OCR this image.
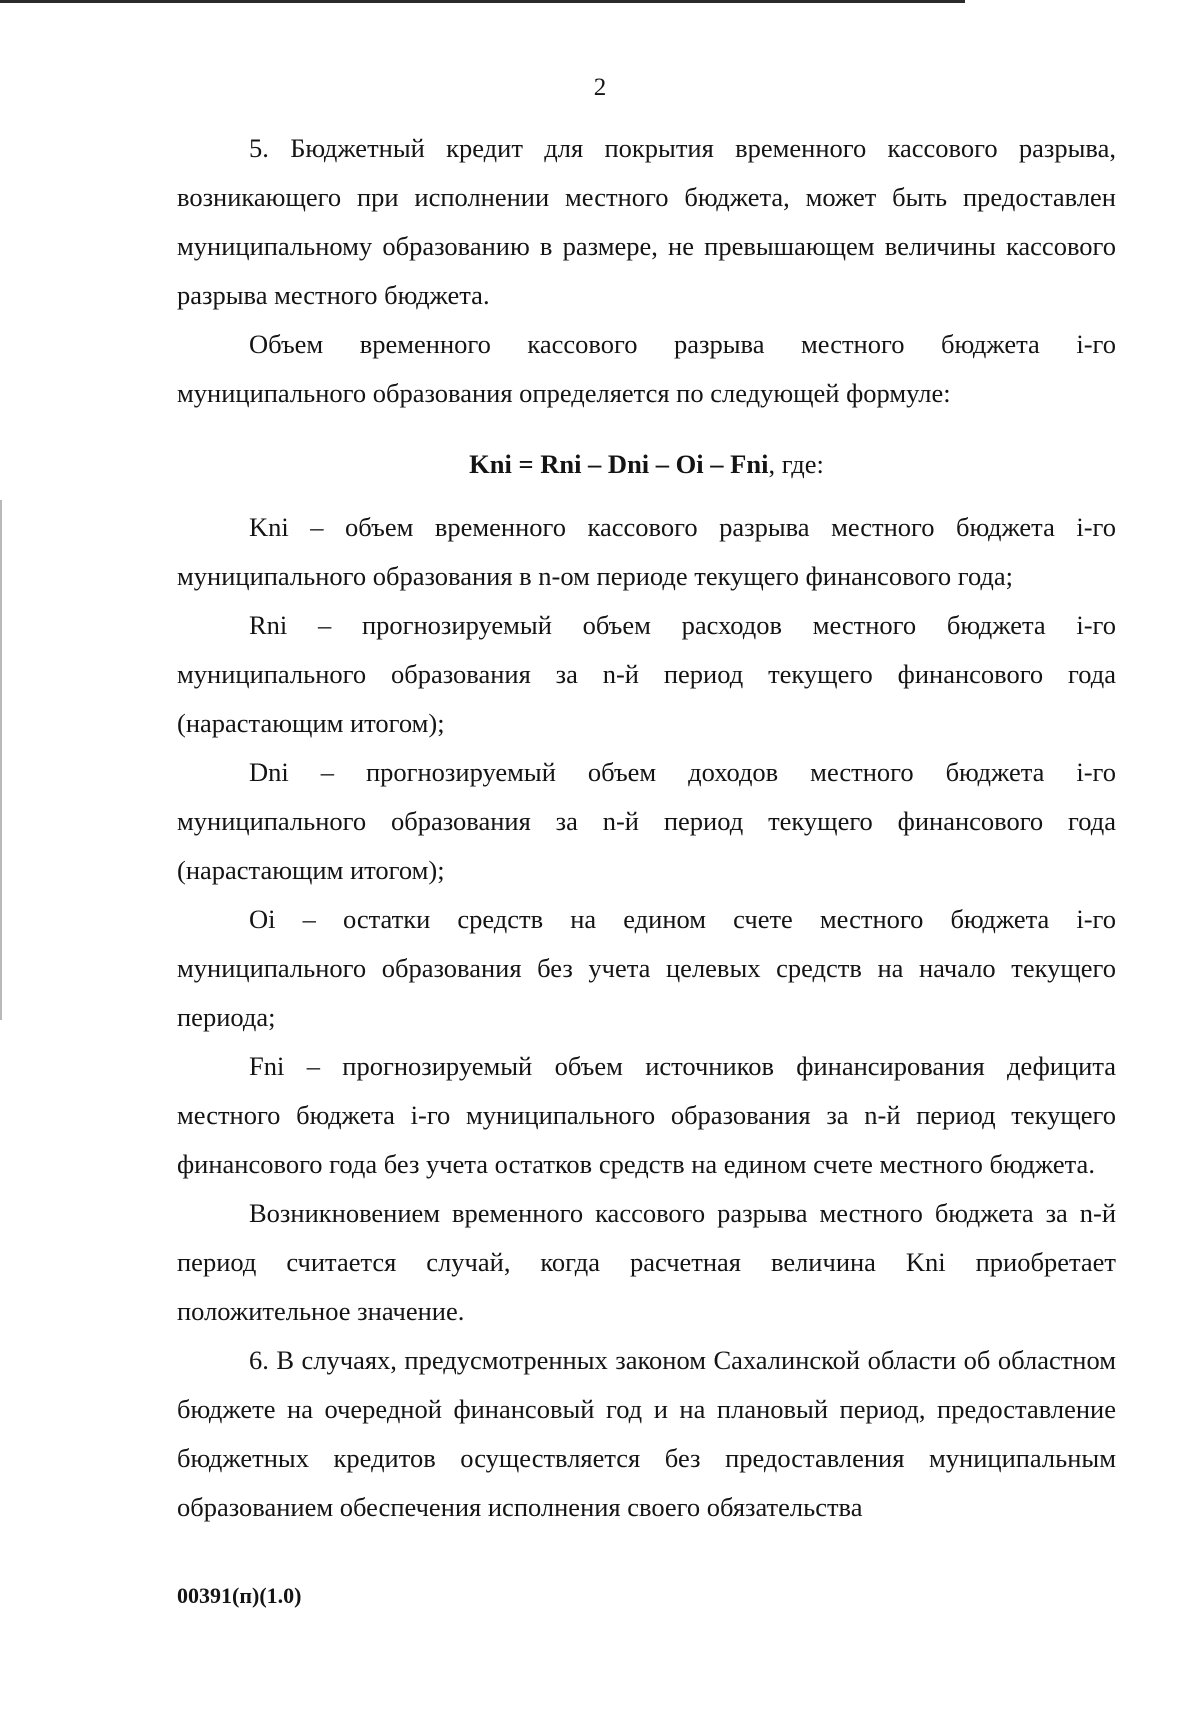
2

5. Бюджетный кредит для покрытия временного кассового разрыва, возникающего при исполнении местного бюджета, может быть предоставлен муниципальному образованию в размере, не превышающем величины кассового разрыва местного бюджета.

Объем временного кассового разрыва местного бюджета i-го муниципального образования определяется по следующей формуле:

Kni = Rni – Dni – Oi – Fni, где:

Kni – объем временного кассового разрыва местного бюджета i-го муниципального образования в n-ом периоде текущего финансового года;

Rni – прогнозируемый объем расходов местного бюджета i-го муниципального образования за n-й период текущего финансового года (нарастающим итогом);

Dni – прогнозируемый объем доходов местного бюджета i-го муниципального образования за n-й период текущего финансового года (нарастающим итогом);

Oi – остатки средств на едином счете местного бюджета i-го муниципального образования без учета целевых средств на начало текущего периода;

Fni – прогнозируемый объем источников финансирования дефицита местного бюджета i-го муниципального образования за n-й период текущего финансового года без учета остатков средств на едином счете местного бюджета.

Возникновением временного кассового разрыва местного бюджета за n-й период считается случай, когда расчетная величина Kni приобретает положительное значение.

6. В случаях, предусмотренных законом Сахалинской области об областном бюджете на очередной финансовый год и на плановый период, предоставление бюджетных кредитов осуществляется без предоставления муниципальным образованием обеспечения исполнения своего обязательства

00391(п)(1.0)
